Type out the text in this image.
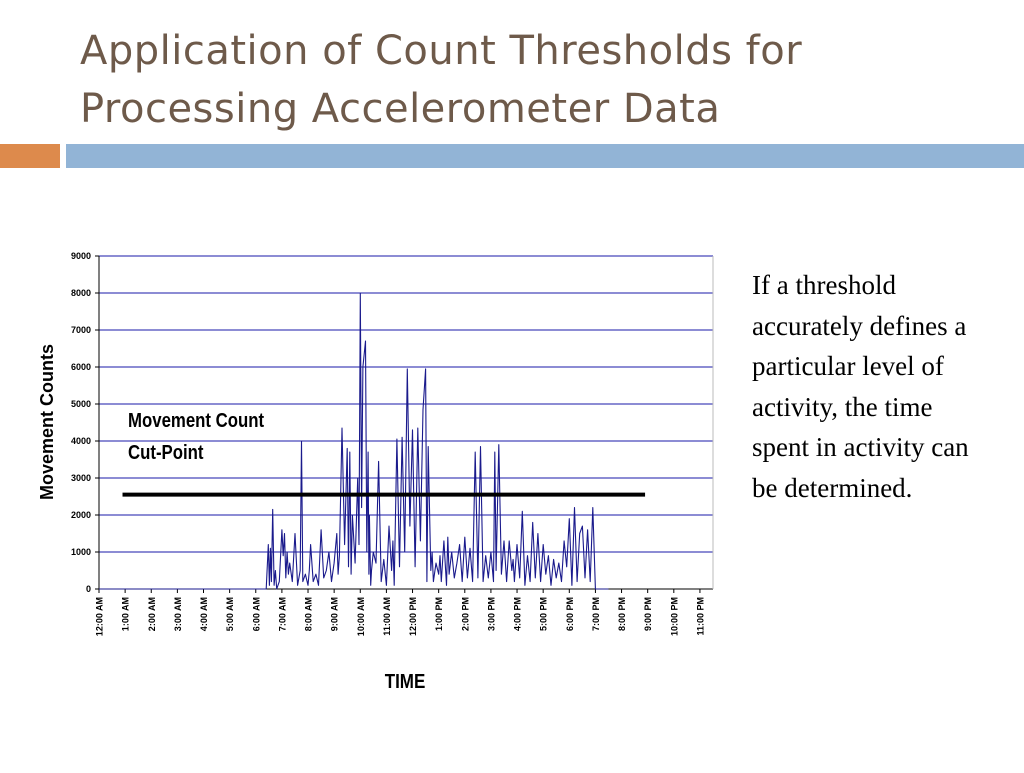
Application of Count Thresholds for
Processing Accelerometer Data
0
1000
2000
3000
4000
5000
6000
7000
8000
9000
12:00 AM 1:00 AM 2:00 AM 3:00 AM 4:00 AM 5:00 AM 6:00 AM 7:00 AM 8:00 AM 9:00 AM 10:00 AM 11:00 AM 12:00 PM 1:00 PM 2:00 PM 3:00 PM 4:00 PM 5:00 PM 6:00 PM 7:00 PM 8:00 PM 9:00 PM 10:00 PM 11:00 PM
Movement Counts
TIME
Movement Count
Cut-Point
If a threshold accurately defines a particular level of activity, the time spent in activity can be determined.
